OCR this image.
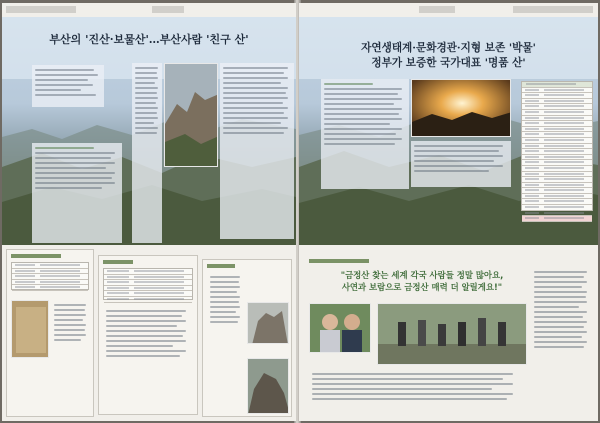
부산의 '진산·보물산'…부산사람 '친구 산'
자연생태계·문화경관·지형 보존 '박물'
정부가 보증한 국가대표 '명품 산'
"금정산 찾는 세계 각국 사람들 정말 많아요,
사연과 보람으로 금정산 매력 더 알릴게요!"
